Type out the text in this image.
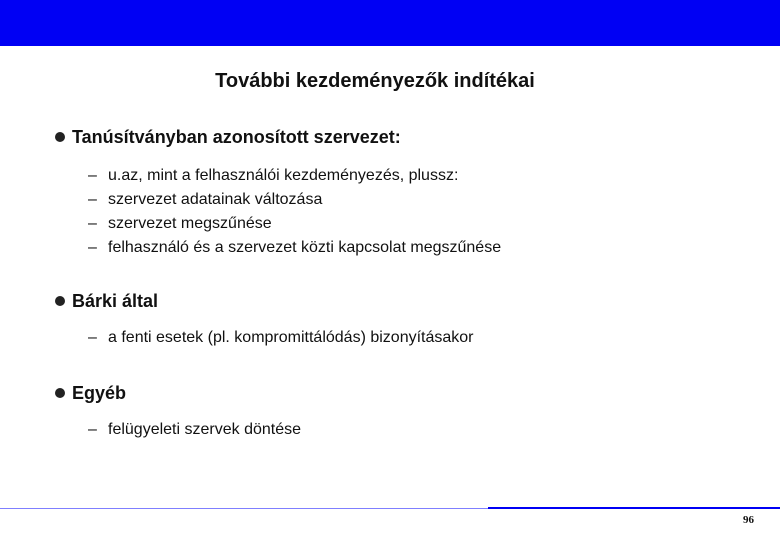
További kezdeményezők indítékai
Tanúsítványban azonosított szervezet:
– u.az, mint a felhasználói kezdeményezés, plussz:
– szervezet adatainak változása
– szervezet megszűnése
– felhasználó és a szervezet közti kapcsolat megszűnése
Bárki által
– a fenti esetek (pl. kompromittálódás) bizonyításakor
Egyéb
– felügyeleti szervek döntése
96
